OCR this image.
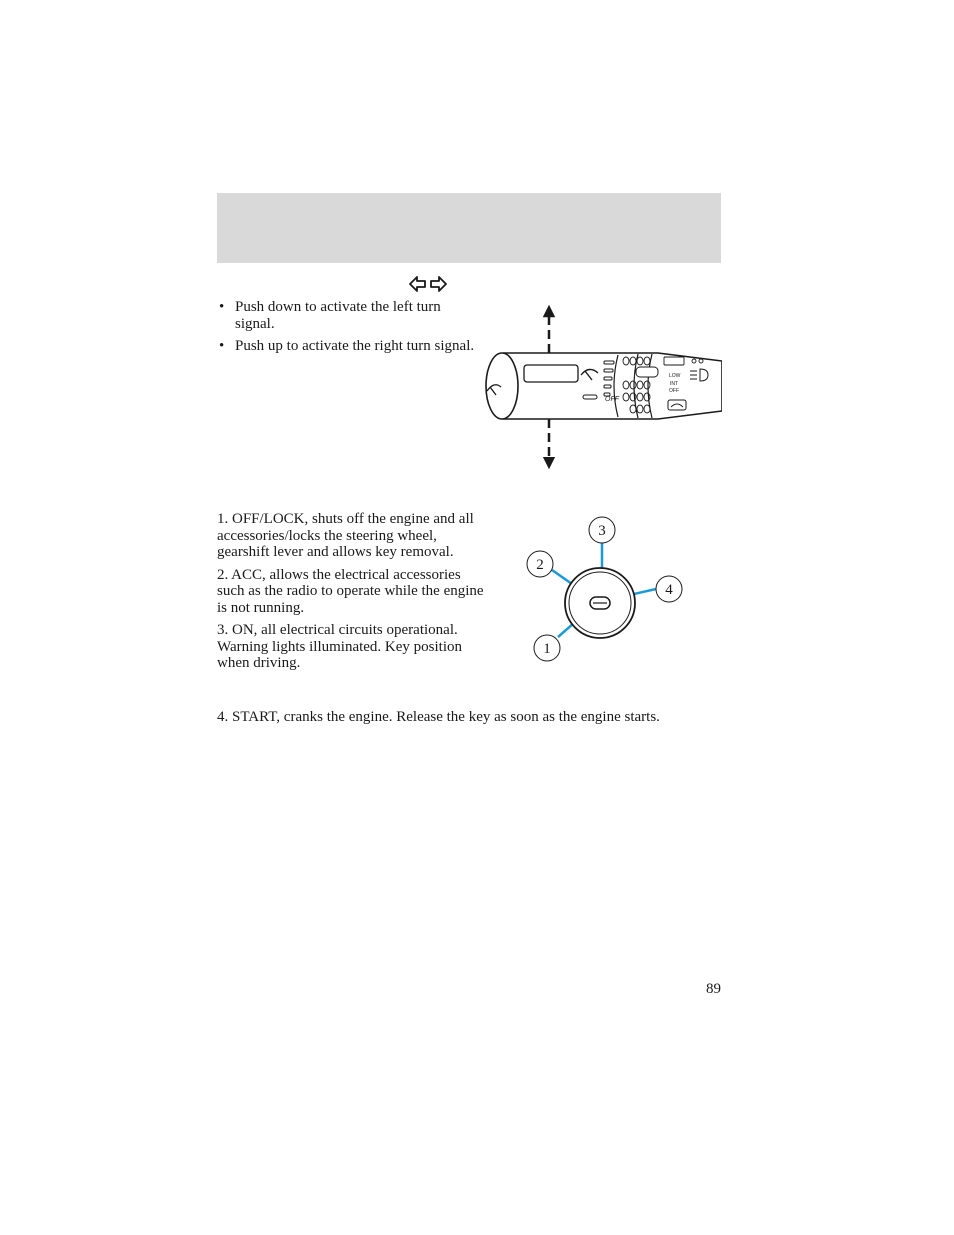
• Push down to activate the left turn signal.
• Push up to activate the right turn signal.
OFF
LOW
INT
OFF

1. OFF/LOCK, shuts off the engine and all accessories/locks the steering wheel, gearshift lever and allows key removal.

2. ACC, allows the electrical accessories such as the radio to operate while the engine is not running.

3. ON, all electrical circuits operational. Warning lights illuminated. Key position when driving.

4. START, cranks the engine. Release the key as soon as the engine starts.

3
2
4
1
89
